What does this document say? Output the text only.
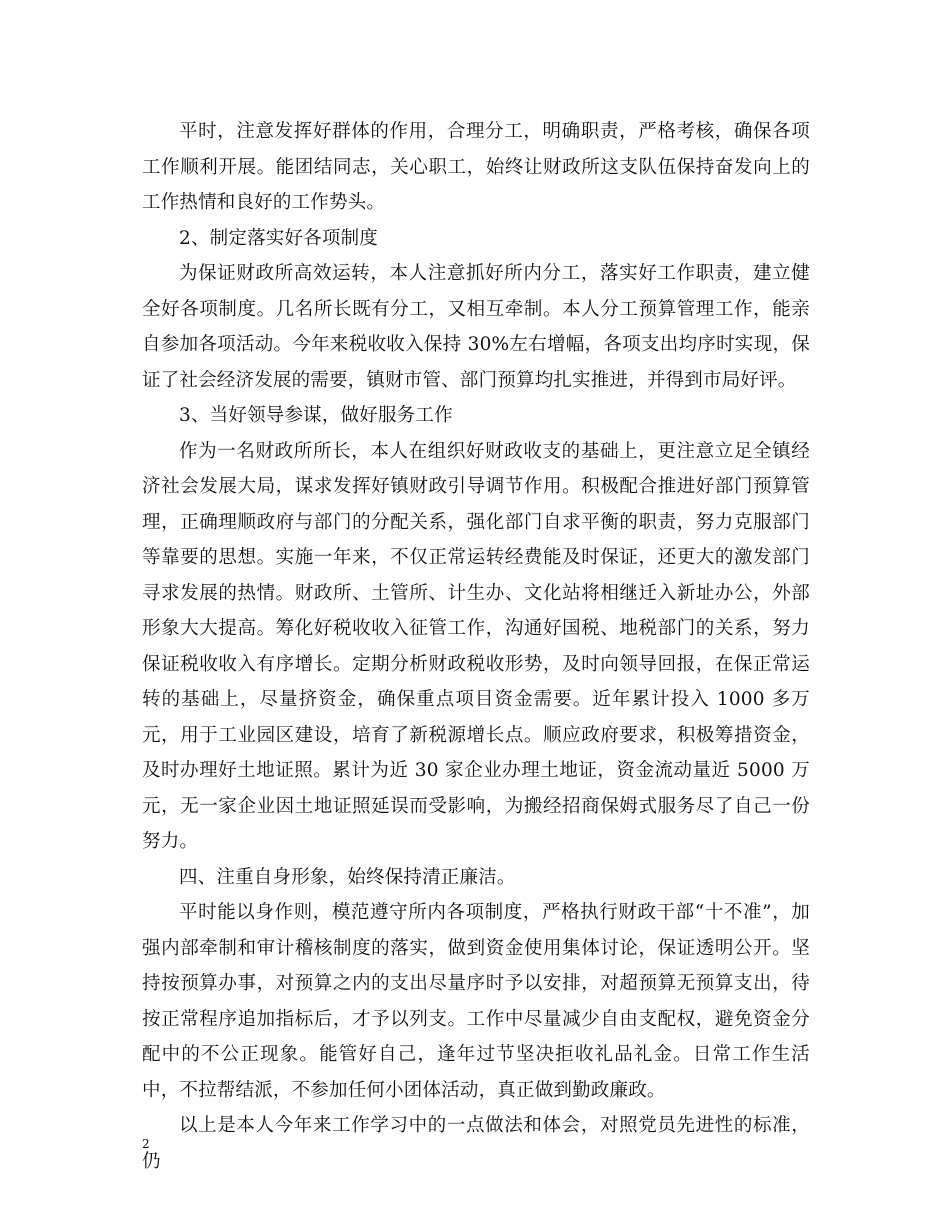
平时，注意发挥好群体的作用，合理分工，明确职责，严格考核，确保各项工作顺利开展。能团结同志，关心职工，始终让财政所这支队伍保持奋发向上的工作热情和良好的工作势头。

2、制定落实好各项制度

为保证财政所高效运转，本人注意抓好所内分工，落实好工作职责，建立健全好各项制度。几名所长既有分工，又相互牵制。本人分工预算管理工作，能亲自参加各项活动。今年来税收收入保持 30%左右增幅，各项支出均序时实现，保证了社会经济发展的需要，镇财市管、部门预算均扎实推进，并得到市局好评。

3、当好领导参谋，做好服务工作

作为一名财政所所长，本人在组织好财政收支的基础上，更注意立足全镇经济社会发展大局，谋求发挥好镇财政引导调节作用。积极配合推进好部门预算管理，正确理顺政府与部门的分配关系，强化部门自求平衡的职责，努力克服部门等靠要的思想。实施一年来，不仅正常运转经费能及时保证，还更大的激发部门寻求发展的热情。财政所、土管所、计生办、文化站将相继迁入新址办公，外部形象大大提高。筹化好税收收入征管工作，沟通好国税、地税部门的关系，努力保证税收收入有序增长。定期分析财政税收形势，及时向领导回报，在保正常运转的基础上，尽量挤资金，确保重点项目资金需要。近年累计投入 1000 多万元，用于工业园区建设，培育了新税源增长点。顺应政府要求，积极筹措资金，及时办理好土地证照。累计为近 30 家企业办理土地证，资金流动量近 5000 万元，无一家企业因土地证照延误而受影响，为搬经招商保姆式服务尽了自己一份努力。

四、注重自身形象，始终保持清正廉洁。

平时能以身作则，模范遵守所内各项制度，严格执行财政干部“十不准”，加强内部牵制和审计稽核制度的落实，做到资金使用集体讨论，保证透明公开。坚持按预算办事，对预算之内的支出尽量序时予以安排，对超预算无预算支出，待按正常程序追加指标后，才予以列支。工作中尽量减少自由支配权，避免资金分配中的不公正现象。能管好自己，逢年过节坚决拒收礼品礼金。日常工作生活中，不拉帮结派，不参加任何小团体活动，真正做到勤政廉政。

以上是本人今年来工作学习中的一点做法和体会，对照党员先进性的标准，仍

2
